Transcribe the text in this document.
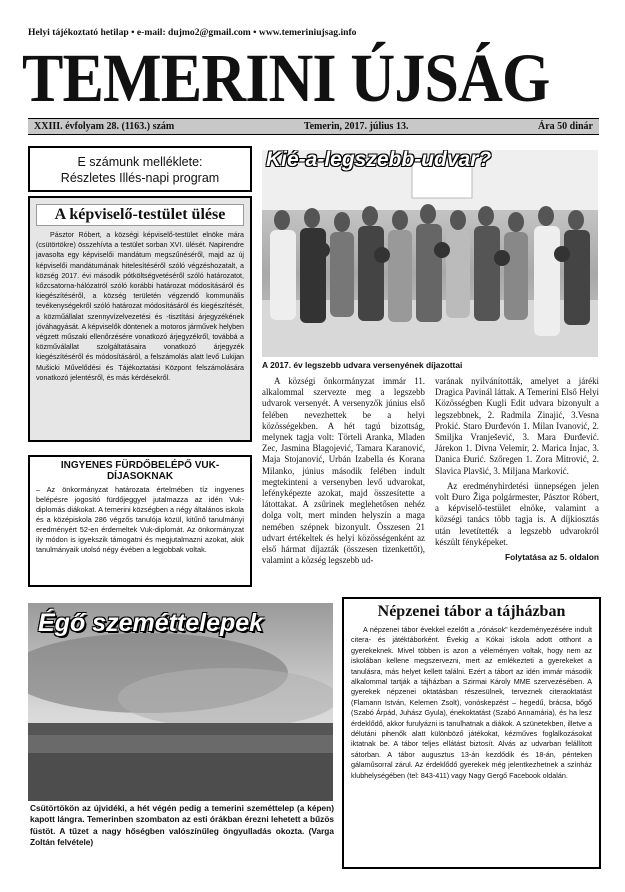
Helyi tájékoztató hetilap • e-mail: dujmo2@gmail.com • www.temeriniujsag.info
TEMERINI ÚJSÁG
XXIII. évfolyam 28. (1163.) szám	Temerin, 2017. július 13.	Ára 50 dinár
E számunk melléklete:
Részletes Illés-napi program
A képviselő-testület ülése
Pásztor Róbert, a községi képviselő-testület elnöke mára (csütörtökre) összehívta a testület sorban XVI. ülését. Napirendre javasolta egy képviselői mandátum megszűnéséről, majd az új képviselői mandátumának hitelesítéséről szóló végzéshozatalt, a község 2017. évi második pótköltségvetéséről szóló határozatot, kőzcsatorna-hálózatról szóló korábbi határozat módosításáról és kiegészítéséről, a község területén végzendő kommunális tevékenységekről szóló határozat módosításáról és kiegészítését, a közműállalat szennyvízelvezetési és -tisztítási árjegyzékének jóváhagyását. A képviselők döntenek a motoros járművek helyben végzett műszaki ellenőrzésére vonatkozó árjegyzékről, továbbá a közműválallat szolgáltatásaira vonatkozó árjegyzék kiegészítéséről és módosításáról, a felszámolás alatt levő Lukijan Mušicki Művelődési és Tájékoztatási Központ felszámolására vonatkozó jelentésről, és más kérdésekről.
INGYENES FÜRDŐBELÉPŐ VUK-DÍJASOKNAK
– Az önkormányzat határozata értelmében tíz ingyenes belépésre jogosító fürdőjeggyel jutalmazza az idén Vuk-diplomás diákokat. A temerini községben a négy általános iskola és a középiskola 286 végzős tanulója közül, kitűnő tanulmányi eredményért 52-en érdemeltek Vuk-diplomát. Az önkormányzat ily módon is igyekszik támogatni és megjutalmazni azokat, akik tanulmányaik utolsó négy évében a legjobbak voltak.
Kié-a-legszebb-udvar?
A 2017. év legszebb udvara versenyének díjazottai
A községi önkormányzat immár 11. alkalommal szervezte meg a legszebb udvarok versenyét. A versenyzők június első felében nevezhettek be a helyi közösségekben. A hét tagú bizottság, melynek tagja volt: Törteli Aranka, Mladen Zec, Jasmina Blagojević, Tamara Karanović, Maja Stojanović, Urbán Izabella és Korana Milanko, június második felében indult megtekinteni a versenyben levő udvarokat, lefényképezte azokat, majd összesítette a látottakat. A zsűrinek meglehetősen nehéz dolga volt, mert minden helyszín a maga nemében szépnek bizonyult. Összesen 21 udvart értékeltek és helyi közösségenként az első hármat díjazták (összesen tizenkettőt), valamint a község legszebb ud-
varának nyilvánították, amelyet a járéki Dragica Pavinál láttak. A Temerini Első Helyi Közösségben Kugli Edit udvara bizonyult a legszebbnek, 2. Radmila Zinajić, 3.Vesna Prokić. Staro Đurđevón 1. Milan Ivanović, 2. Smiljka Vranješević, 3. Mara Đurđević. Járekon 1. Divna Velemir, 2. Marica Injac, 3. Danica Đurić. Szőregen 1. Zora Mitrović, 2. Slavica Plavšić, 3. Miljana Marković.
Az eredményhirdetési ünnepségen jelen volt Đuro Žiga polgármester, Pásztor Róbert, a képviselő-testület elnöke, valamint a községi tanács több tagja is. A díjkiosztás után levetítették a legszebb udvarokról készült fényképeket.
Folytatása az 5. oldalon
Égő szeméttelepek
Csütörtökön az újvidéki, a hét végén pedig a temerini szeméttelep (a képen) kapott lángra. Temerinben szombaton az esti órákban érezni lehetett a bűzös füstöt. A tűzet a nagy hőségben valószínűleg öngyulladás okozta. (Varga Zoltán felvétele)
Népzenei tábor a tájházban
A népzenei tábor évekkel ezelőtt a „rónások” kezdeményezésére indult citera- és játéktáborként. Évekig a Kókai iskola adott otthont a gyerekeknek. Mivel többen is azon a véleményen voltak, hogy nem az iskolában kellene megszervezni, mert az emlékezteti a gyerekeket a tanulásra, más helyet kellett találni. Ezért a tábort az idén immár második alkalommal tartják a tájházban a Szirmai Károly MME szervezésében. A gyerekek népzenei oktatásban részesülnek, terveznek citeraoktatást (Flamann István, Kelemen Zsolt), vonóskepzést – hegedű, brácsa, bőgő (Szabó Árpád, Juhász Gyula), énekoktatást (Szabó Annamária), és ha lesz érdeklődő, akkor furulyázni is tanulhatnak a diákok. A szünetekben, illetve a délutáni pihenők alatt különböző játékokat, kézműves foglalkozásokat iktatnak be. A tábor teljes ellátást biztosít. Alvás az udvarban felállított sátorban. A tábor augusztus 13-án kezdődik és 18-án, pénteken gálaműsorral zárul. Az érdeklődő gyerekek még jelentkezhetnek a színház klubhelységében (tel: 843-411) vagy Nagy Gergő Facebook oldalán.
